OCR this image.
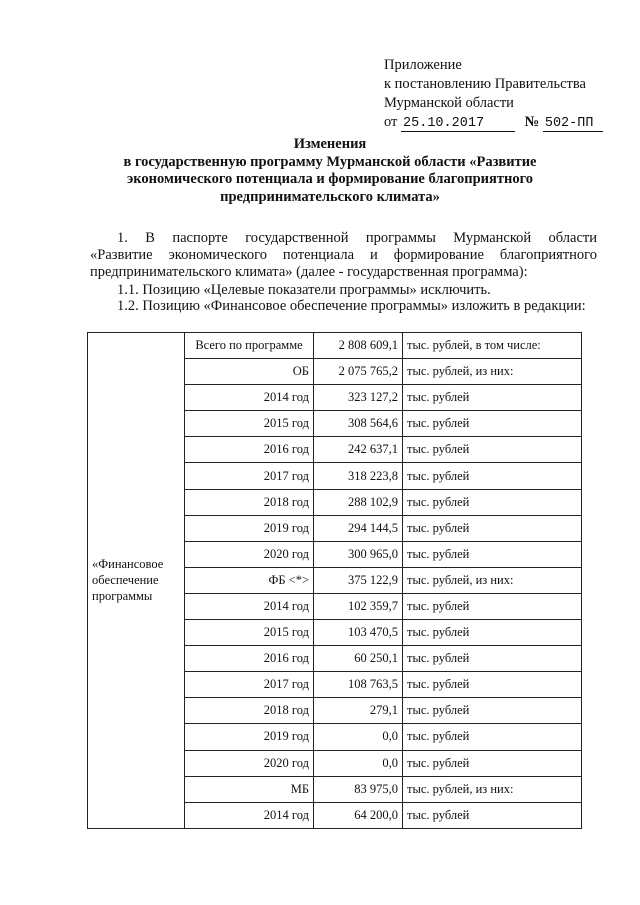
Приложение
к постановлению Правительства
Мурманской области
от 25.10.2017	№ 502-ПП
Изменения
в государственную программу Мурманской области «Развитие
экономического потенциала и формирование благоприятного
предпринимательского климата»
1. В паспорте государственной программы Мурманской области
«Развитие экономического потенциала и формирование благоприятного предпринимательского климата» (далее - государственная программа):
1.1. Позицию «Целевые показатели программы» исключить.
1.2. Позицию «Финансовое обеспечение программы» изложить в редакции:
«Финансовое обеспечение программы	Всего по программе	2 808 609,1	тыс. рублей, в том числе:
	ОБ	2 075 765,2	тыс. рублей, из них:
	2014 год	323 127,2	тыс. рублей
	2015 год	308 564,6	тыс. рублей
	2016 год	242 637,1	тыс. рублей
	2017 год	318 223,8	тыс. рублей
	2018 год	288 102,9	тыс. рублей
	2019 год	294 144,5	тыс. рублей
	2020 год	300 965,0	тыс. рублей
	ФБ <*>	375 122,9	тыс. рублей, из них:
	2014 год	102 359,7	тыс. рублей
	2015 год	103 470,5	тыс. рублей
	2016 год	60 250,1	тыс. рублей
	2017 год	108 763,5	тыс. рублей
	2018 год	279,1	тыс. рублей
	2019 год	0,0	тыс. рублей
	2020 год	0,0	тыс. рублей
	МБ	83 975,0	тыс. рублей, из них:
	2014 год	64 200,0	тыс. рублей
